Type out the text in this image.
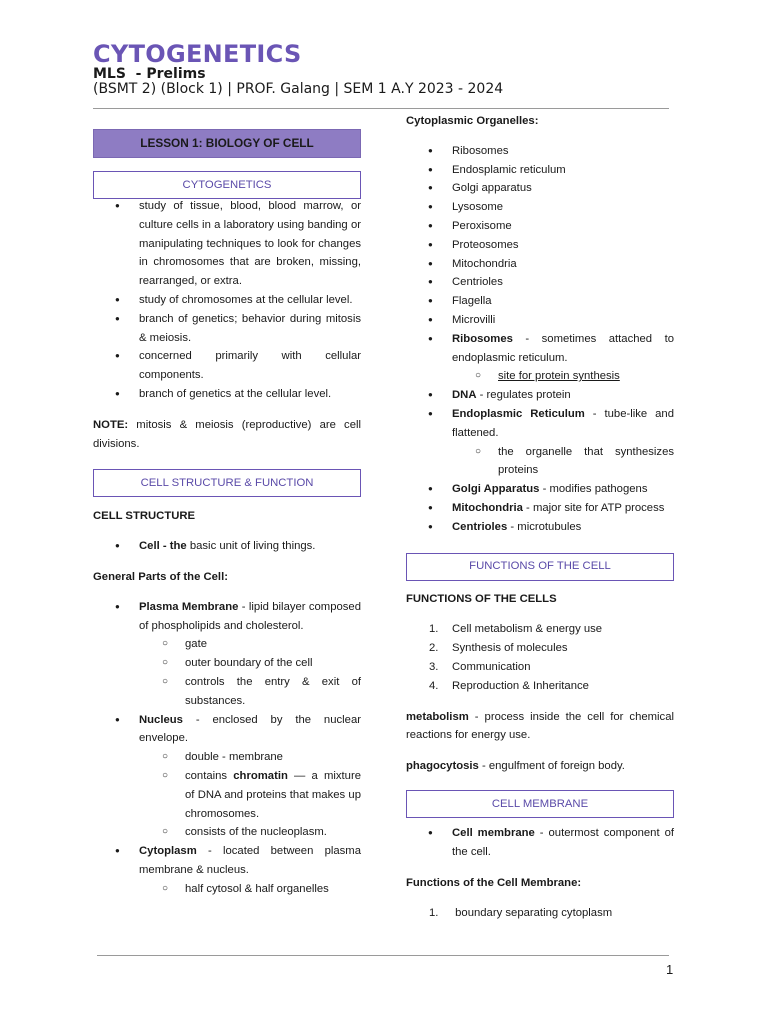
CYTOGENETICS
MLS  - Prelims
(BSMT 2) (Block 1) | PROF. Galang | SEM 1 A.Y 2023 - 2024
LESSON 1: BIOLOGY OF CELL
CYTOGENETICS
● study of tissue, blood, blood marrow, or culture cells in a laboratory using banding or manipulating techniques to look for changes in chromosomes that are broken, missing, rearranged, or extra.
● study of chromosomes at the cellular level.
● branch of genetics; behavior during mitosis & meiosis.
● concerned primarily with cellular components.
● branch of genetics at the cellular level.

NOTE: mitosis & meiosis (reproductive) are cell divisions.

CELL STRUCTURE & FUNCTION

CELL STRUCTURE

● Cell - the basic unit of living things.

General Parts of the Cell:

● Plasma Membrane - lipid bilayer composed of phospholipids and cholesterol.
○ gate
○ outer boundary of the cell
○ controls the entry & exit of substances.
● Nucleus - enclosed by the nuclear envelope.
○ double - membrane
○ contains chromatin — a mixture of DNA and proteins that makes up chromosomes.
○ consists of the nucleoplasm.
● Cytoplasm - located between plasma membrane & nucleus.
○ half cytosol & half organelles

Cytoplasmic Organelles:

● Ribosomes
● Endosplamic reticulum
● Golgi apparatus
● Lysosome
● Peroxisome
● Proteosomes
● Mitochondria
● Centrioles
● Flagella
● Microvilli
● Ribosomes - sometimes attached to endoplasmic reticulum.
○ site for protein synthesis
● DNA - regulates protein
● Endoplasmic Reticulum - tube-like and flattened.
○ the organelle that synthesizes proteins
● Golgi Apparatus - modifies pathogens
● Mitochondria - major site for ATP process
● Centrioles - microtubules
FUNCTIONS OF THE CELL

FUNCTIONS OF THE CELLS

1. Cell metabolism & energy use
2. Synthesis of molecules
3. Communication
4. Reproduction & Inheritance

metabolism - process inside the cell for chemical reactions for energy use.

phagocytosis - engulfment of foreign body.

CELL MEMBRANE
● Cell membrane - outermost component of the cell.

Functions of the Cell Membrane:

1. boundary separating cytoplasm
1
